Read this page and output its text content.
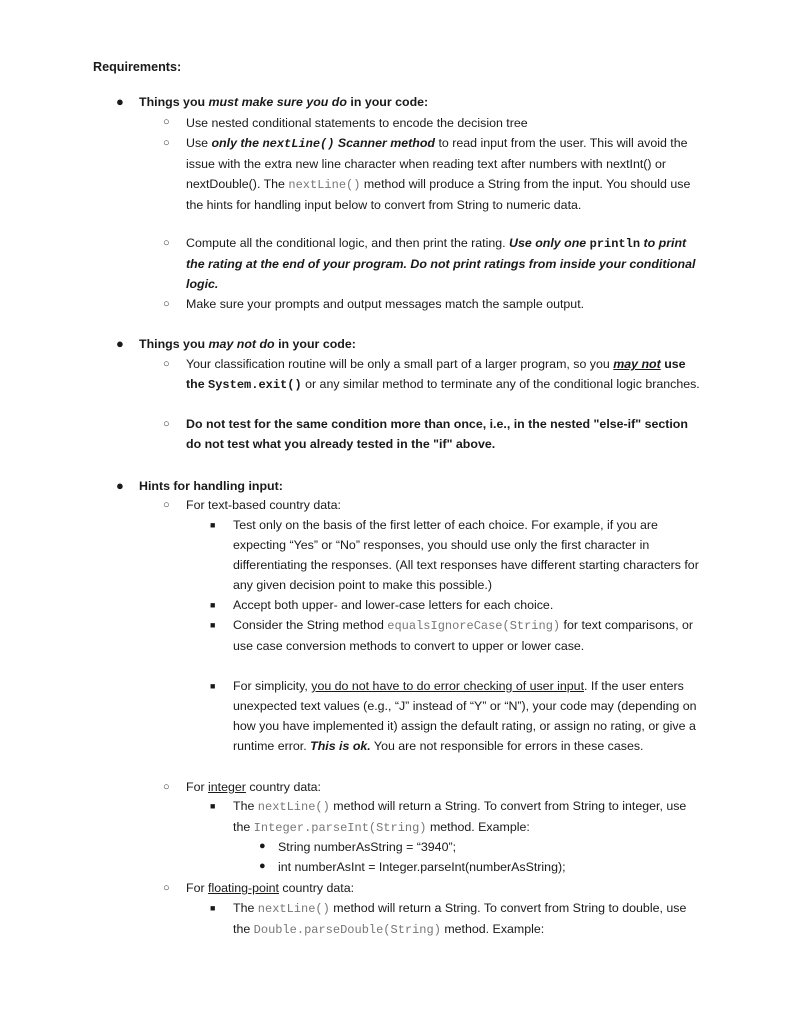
Requirements:
● Things you must make sure you do in your code:
○ Use nested conditional statements to encode the decision tree
○ Use only the nextLine() Scanner method to read input from the user. This will avoid the issue with the extra new line character when reading text after numbers with nextInt() or nextDouble(). The nextLine() method will produce a String from the input. You should use the hints for handling input below to convert from String to numeric data.
○ Compute all the conditional logic, and then print the rating. Use only one println to print the rating at the end of your program. Do not print ratings from inside your conditional logic.
○ Make sure your prompts and output messages match the sample output.
● Things you may not do in your code:
○ Your classification routine will be only a small part of a larger program, so you may not use the System.exit() or any similar method to terminate any of the conditional logic branches.
○ Do not test for the same condition more than once, i.e., in the nested "else-if" section do not test what you already tested in the "if" above.
● Hints for handling input:
○ For text-based country data:
■ Test only on the basis of the first letter of each choice. For example, if you are expecting “Yes” or “No” responses, you should use only the first character in differentiating the responses. (All text responses have different starting characters for any given decision point to make this possible.)
■ Accept both upper- and lower-case letters for each choice.
■ Consider the String method equalsIgnoreCase(String) for text comparisons, or use case conversion methods to convert to upper or lower case.
■ For simplicity, you do not have to do error checking of user input. If the user enters unexpected text values (e.g., “J” instead of “Y” or “N”), your code may (depending on how you have implemented it) assign the default rating, or assign no rating, or give a runtime error. This is ok. You are not responsible for errors in these cases.
○ For integer country data:
■ The nextLine() method will return a String. To convert from String to integer, use the Integer.parseInt(String) method. Example:
● String numberAsString = “3940”;
● int numberAsInt = Integer.parseInt(numberAsString);
○ For floating-point country data:
■ The nextLine() method will return a String. To convert from String to double, use the Double.parseDouble(String) method. Example:
